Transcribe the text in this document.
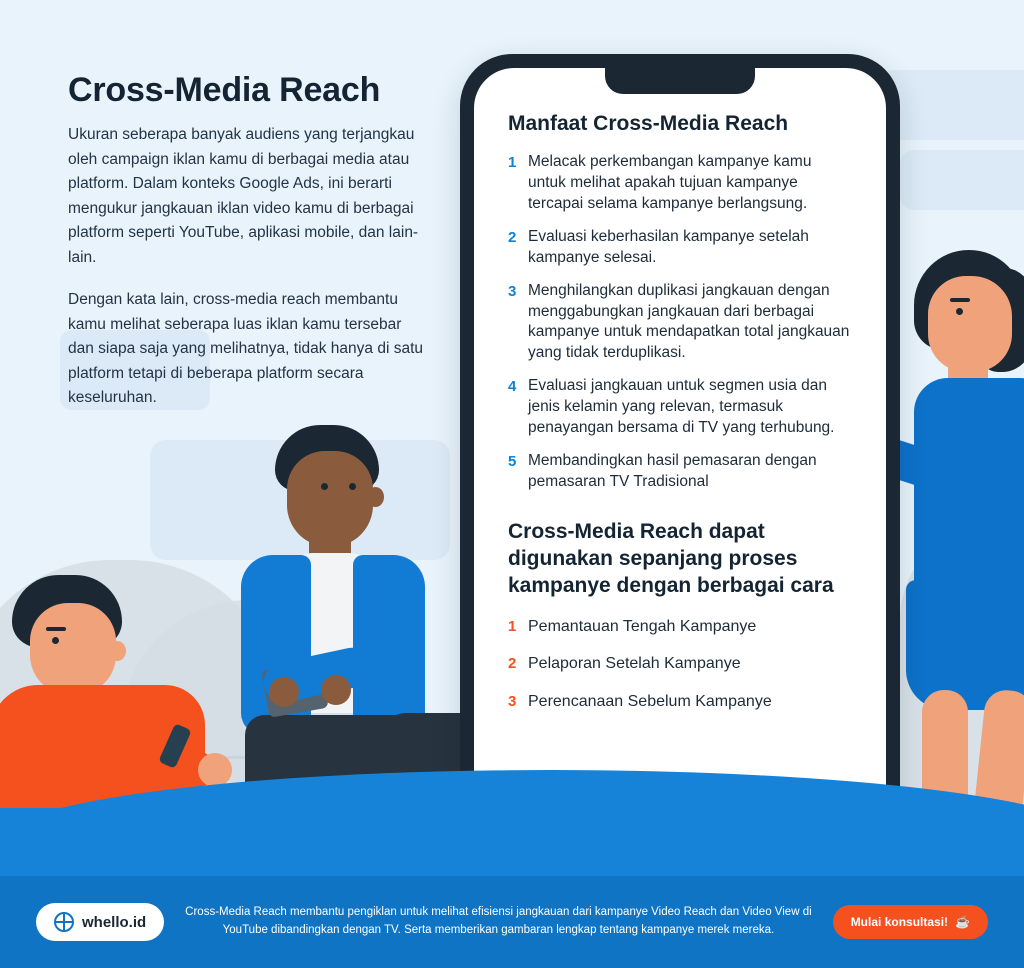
Cross-Media Reach

Ukuran seberapa banyak audiens yang terjangkau oleh campaign iklan kamu di berbagai media atau platform. Dalam konteks Google Ads, ini berarti mengukur jangkauan iklan video kamu di berbagai platform seperti YouTube, aplikasi mobile, dan lain-lain.

Dengan kata lain, cross-media reach membantu kamu melihat seberapa luas iklan kamu tersebar dan siapa saja yang melihatnya, tidak hanya di satu platform tetapi di beberapa platform secara keseluruhan.

Manfaat Cross-Media Reach
1 Melacak perkembangan kampanye kamu untuk melihat apakah tujuan kampanye tercapai selama kampanye berlangsung.
2 Evaluasi keberhasilan kampanye setelah kampanye selesai.
3 Menghilangkan duplikasi jangkauan dengan menggabungkan jangkauan dari berbagai kampanye untuk mendapatkan total jangkauan yang tidak terduplikasi.
4 Evaluasi jangkauan untuk segmen usia dan jenis kelamin yang relevan, termasuk penayangan bersama di TV yang terhubung.
5 Membandingkan hasil pemasaran dengan pemasaran TV Tradisional
Cross-Media Reach dapat digunakan sepanjang proses kampanye dengan berbagai cara
1 Pemantauan Tengah Kampanye
2 Pelaporan Setelah Kampanye
3 Perencanaan Sebelum Kampanye
whello.id
Cross-Media Reach membantu pengiklan untuk melihat efisiensi jangkauan dari kampanye Video Reach dan Video View di YouTube dibandingkan dengan TV. Serta memberikan gambaran lengkap tentang kampanye merek mereka.
Mulai konsultasi! ☕
